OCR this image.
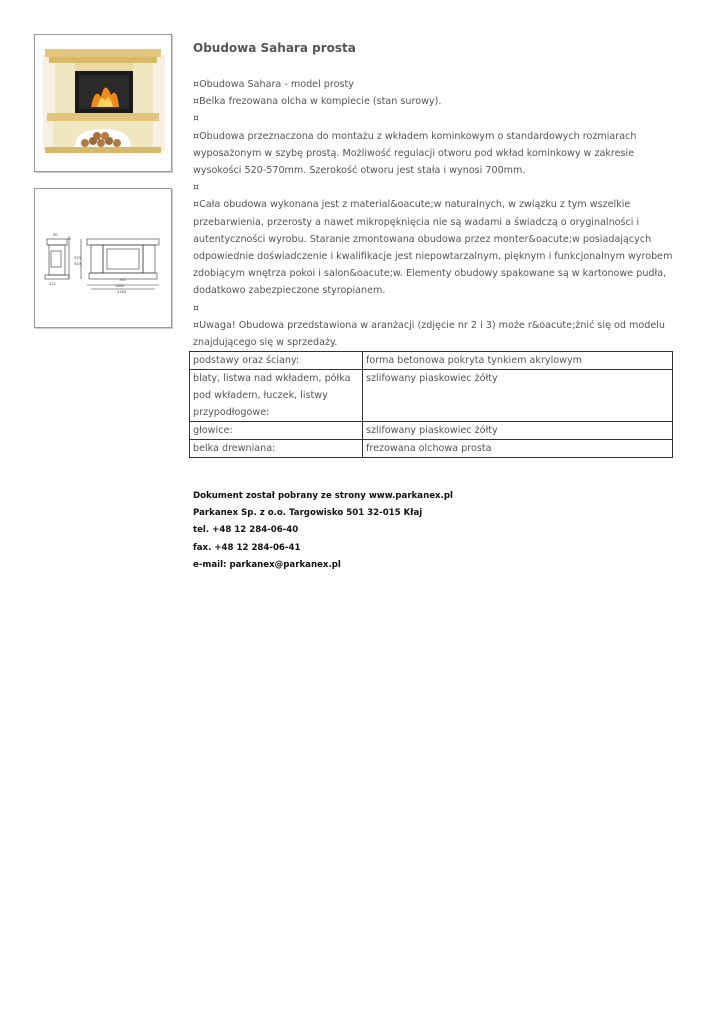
1300
1150
700
570
520
212
50
Obudowa Sahara prosta

¤Obudowa Sahara - model prosty

¤Belka frezowana olcha w komplecie (stan surowy).

¤

¤Obudowa przeznaczona do montażu z wkładem kominkowym o standardowych rozmiarach wyposażonym w szybę prostą. Możliwość regulacji otworu pod wkład kominkowy w zakresie wysokości 520-570mm. Szerokość otworu jest stała i wynosi 700mm.

¤

¤Cała obudowa wykonana jest z material&oacute;w naturalnych, w związku z tym wszelkie przebarwienia, przerosty a nawet mikropęknięcia nie są wadami a świadczą o oryginalności i autentyczności wyrobu. Staranie zmontowana obudowa przez monter&oacute;w posiadających odpowiednie doświadczenie i kwalifikacje jest niepowtarzalnym, pięknym i funkcjonalnym wyrobem zdobiącym wnętrza pokoi i salon&oacute;w. Elementy obudowy spakowane są w kartonowe pudła, dodatkowo zabezpieczone styropianem.

¤

¤Uwaga! Obudowa przedstawiona w aranżacji (zdjęcie nr 2 i 3) może r&oacute;żnić się od modelu znajdującego się w sprzedaży.

podstawy oraz ściany:	forma betonowa pokryta tynkiem akrylowym
blaty, listwa nad wkładem, półka pod wkładem, łuczek, listwy przypodłogowe:	szlifowany piaskowiec żółty
głowice:	szlifowany piaskowiec żółty
belka drewniana:	frezowana olchowa prosta

Dokument został pobrany ze strony www.parkanex.pl

Parkanex Sp. z o.o. Targowisko 501 32-015 Kłaj

tel. +48 12 284-06-40

fax. +48 12 284-06-41

e-mail: parkanex@parkanex.pl
